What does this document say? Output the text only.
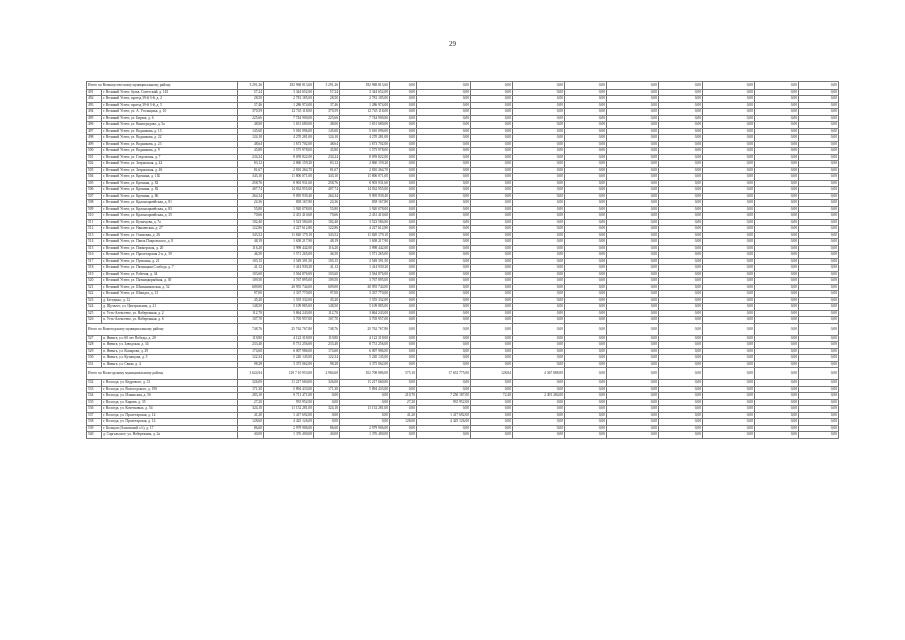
29
Итого по Великоустюгскому муниципальному району		3 291,26	182 968 813,60	3 291,26	182 968 813,60	0,00	0,00	0,00	0,00	0,00	0,00	0,00	0,00	0,00	0,00
491	г. Великий Устюг, бульв. Советский, д. 145	57,24	3 344 652,00	57,24	3 344 652,00	0,00	0,00	0,00	0,00	0,00	0,00	0,00	0,00	0,00	0,00
492	г. Великий Устюг, проезд 39-й 3-й, д. 2	28,50	2 781 185,00	28,50	2 781 185,00	0,00	0,00	0,00	0,00	0,00	0,00	0,00	0,00	0,00	0,00
493	г. Великий Устюг, проезд 39-й 3-й, д. 5	37,46	1 286 974,00	37,46	1 286 974,00	0,00	0,00	0,00	0,00	0,00	0,00	0,00	0,00	0,00	0,00
494	г. Великий Устюг, ул. А. Угольщика, д. 10	370,59	12 745 118,00	370,59	12 745 118,00	0,00	0,00	0,00	0,00	0,00	0,00	0,00	0,00	0,00	0,00
495	г. Великий Устюг, ул. Бирюк, д. 6	225,66	7 744 900,00	225,66	7 744 900,00	0,00	0,00	0,00	0,00	0,00	0,00	0,00	0,00	0,00	0,00
496	г. Великий Устюг, ул. Виноградова, д. 5а	48,00	1 651 680,00	48,00	1 651 680,00	0,00	0,00	0,00	0,00	0,00	0,00	0,00	0,00	0,00	0,00
497	г. Великий Устюг, ул. Водникова, д. 15	145,60	5 010 096,00	145,60	5 010 096,00	0,00	0,00	0,00	0,00	0,00	0,00	0,00	0,00	0,00	0,00
498	г. Великий Устюг, ул. Водникова, д. 22	124,10	4 270 281,00	124,10	4 270 281,00	0,00	0,00	0,00	0,00	0,00	0,00	0,00	0,00	0,00	0,00
499	г. Великий Устюг, ул. Водникова, д. 23	48,64	1 673 702,00	48,64	1 673 702,00	0,00	0,00	0,00	0,00	0,00	0,00	0,00	0,00	0,00	0,00
500	г. Великий Устюг, ул. Водникова, д. 9	45,80	1 575 978,00	45,80	1 575 978,00	0,00	0,00	0,00	0,00	0,00	0,00	0,00	0,00	0,00	0,00
501	г. Великий Устюг, ул. Гледенская, д. 7	234,24	8 059 822,00	234,24	8 059 822,00	0,00	0,00	0,00	0,00	0,00	0,00	0,00	0,00	0,00	0,00
502	г. Великий Устюг, ул. Затрамская, д. 42	83,12	2 860 159,20	83,12	2 860 159,20	0,00	0,00	0,00	0,00	0,00	0,00	0,00	0,00	0,00	0,00
503	г. Великий Устюг, ул. Затрамская, д. 46	81,67	2 810 264,70	81,67	2 810 264,70	0,00	0,00	0,00	0,00	0,00	0,00	0,00	0,00	0,00	0,00
504	г. Великий Устюг, ул. Кренина, д. 11Б	343,10	11 806 071,00	343,10	11 806 071,00	0,00	0,00	0,00	0,00	0,00	0,00	0,00	0,00	0,00	0,00
505	г. Великий Устюг, ул. Кренина, д. 82	258,76	8 903 931,60	258,76	8 903 931,60	0,00	0,00	0,00	0,00	0,00	0,00	0,00	0,00	0,00	0,00
506	г. Великий Устюг, ул. Кренина, д. 82	407,74	14 032 955,00	407,74	14 032 955,00	0,00	0,00	0,00	0,00	0,00	0,00	0,00	0,00	0,00	0,00
507	г. Великий Устюг, ул. Кренина, д. 86	264,34	9 095 939,40	264,34	9 095 939,40	0,00	0,00	0,00	0,00	0,00	0,00	0,00	0,00	0,00	0,00
508	г. Великий Устюг, ул. Красноармейская, д. 81	24,36	838 167,80	24,36	838 167,80	0,00	0,00	0,00	0,00	0,00	0,00	0,00	0,00	0,00	0,00
509	г. Великий Устюг, ул. Красноармейская, д. 83	55,80	1 920 078,00	55,80	1 920 078,00	0,00	0,00	0,00	0,00	0,00	0,00	0,00	0,00	0,00	0,00
510	г. Великий Устюг, ул. Красноармейская, д. 35	70,66	2 431 410,60	70,66	2 431 410,60	0,00	0,00	0,00	0,00	0,00	0,00	0,00	0,00	0,00	0,00
511	г. Великий Устюг, ул. Кузнецова, д. 7а	102,40	3 523 584,00	102,40	3 523 584,00	0,00	0,00	0,00	0,00	0,00	0,00	0,00	0,00	0,00	0,00
512	г. Великий Устюг, ул. Нанаевская, д. 27	122,86	4 227 612,80	122,86	4 227 612,80	0,00	0,00	0,00	0,00	0,00	0,00	0,00	0,00	0,00	0,00
513	г. Великий Устюг, ул. Осиновая, д. 26	343,52	11 820 179,10	343,52	11 820 179,10	0,00	0,00	0,00	0,00	0,00	0,00	0,00	0,00	0,00	0,00
514	г. Великий Устюг, ул. Павла Покровского, д. 8	48,19	1 658 217,90	48,19	1 658 217,90	0,00	0,00	0,00	0,00	0,00	0,00	0,00	0,00	0,00	0,00
515	г. Великий Устюг, ул. Пионерская, д. 20	116,20	3 998 442,00	116,20	3 998 442,00	0,00	0,00	0,00	0,00	0,00	0,00	0,00	0,00	0,00	0,00
516	г. Великий Устюг, ул. Пролетарская 2-я, д. 39	46,50	1 571 265,00	46,50	1 571 265,00	0,00	0,00	0,00	0,00	0,00	0,00	0,00	0,00	0,00	0,00
517	г. Великий Устюг, ул. Пушкина, д. 21	103,15	3 549 391,50	103,15	3 549 391,50	0,00	0,00	0,00	0,00	0,00	0,00	0,00	0,00	0,00	0,00
518	г. Великий Устюг, ул. Пятницкая Слобода, д. 7	41,12	1 414 939,20	41,12	1 414 939,20	0,00	0,00	0,00	0,00	0,00	0,00	0,00	0,00	0,00	0,00
519	г. Великий Устюг, ул. Рабочая, д. 34	103,60	3 564 876,00	103,60	3 564 876,00	0,00	0,00	0,00	0,00	0,00	0,00	0,00	0,00	0,00	0,00
520	г. Великий Устюг, ул. Пятницкорыбная, д. 30	109,50	3 767 895,00	109,50	3 767 895,00	0,00	0,00	0,00	0,00	0,00	0,00	0,00	0,00	0,00	0,00
521	г. Великий Устюг, ул. Шильниковская, д. 52	609,00	20 955 744,00	609,00	20 955 744,00	0,00	0,00	0,00	0,00	0,00	0,00	0,00	0,00	0,00	0,00
522	г. Великий Устюг, ул. Шмидта, д. 13	97,00	3 337 770,00	97,00	3 337 770,00	0,00	0,00	0,00	0,00	0,00	0,00	0,00	0,00	0,00	0,00
523	д. Беседино, д. 12	45,20	1 555 332,00	45,20	1 555 332,00	0,00	0,00	0,00	0,00	0,00	0,00	0,00	0,00	0,00	0,00
524	д. Щучьего, ул. Центральная, д. 21	148,50	5 109 885,00	148,50	5 109 885,00	0,00	0,00	0,00	0,00	0,00	0,00	0,00	0,00	0,00	0,00
525	п. Усть-Алексеево, ул. Набережная, д. 2	112,70	3 864 243,00	112,70	3 864 243,00	0,00	0,00	0,00	0,00	0,00	0,00	0,00	0,00	0,00	0,00
526	п. Усть-Алексеево, ул. Набережная, д. 6	107,70	3 705 957,00	107,70	3 705 957,00	0,00	0,00	0,00	0,00	0,00	0,00	0,00	0,00	0,00	0,00
Итого по Вожегодскому муниципальному району		748,76	25 762 767,80	748,76	25 762 767,80	0,00	0,00	0,00	0,00	0,00	0,00	0,00	0,00	0,00	0,00
527	п. Явенга, ул. 60 лет Победы, д. 20	119,80	4 122 318,00	119,80	4 122 318,00	0,00	0,00	0,00	0,00	0,00	0,00	0,00	0,00	0,00	0,00
528	п. Явенга, ул. Заводская, д. 34	233,40	8 731 256,00	233,40	8 731 256,00	0,00	0,00	0,00	0,00	0,00	0,00	0,00	0,00	0,00	0,00
529	п. Явенга, ул. Комарова, д. 29	174,60	6 007 986,00	174,60	6 007 986,00	0,00	0,00	0,00	0,00	0,00	0,00	0,00	0,00	0,00	0,00
530	п. Явенга, ул. Кузнецова, д. 5	122,34	5 220 145,00	122,34	5 220 145,00	0,00	0,00	0,00	0,00	0,00	0,00	0,00	0,00	0,00	0,00
531	п. Явенга, ул. Связи, д. 4	98,28	3 375 062,00	98,28	3 375 062,00	0,00	0,00	0,00	0,00	0,00	0,00	0,00	0,00	0,00	0,00
Итого по Вологодскому муниципальному району		3 624,94	129 7 10 953,00	2 984,60	102 708 886,00	575,10	17 633 775,00	128,84	4 367 888,00	0,00	0,00	0,00	0,00	0,00	0,00
532	г. Вологда, ул. Кедрового, д. 31	326,00	11 217 660,00	326,00	11 217 660,00	0,00	0,00	0,00	0,00	0,00	0,00	0,00	0,00	0,00	0,00
533	г. Вологда, ул. Вологодского, д. 190	171,30	5 894 433,00	171,30	5 894 433,00	0,00	0,00	0,00	0,00	0,00	0,00	0,00	0,00	0,00	0,00
534	г. Вологда, ул. Ильинская, д. 56	283,10	9 711 471,00	0,00	0,00	210,70	7 250 187,00	72,40	2 491 284,00	0,00	0,00	0,00	0,00	0,00	0,00
535	г. Вологда, ул. Кирова, д. 35	27,20	935 952,00	0,00	0,00	27,20	935 952,00	0,00	0,00	0,00	0,00	0,00	0,00	0,00	0,00
536	г. Вологда, ул. Кочетковых, д. 54	324,10	11 152 281,00	324,10	11 152 281,00	0,00	0,00	0,00	0,00	0,00	0,00	0,00	0,00	0,00	0,00
537	г. Вологда, ул. Пролетарская, д. 14	41,20	1 417 692,00	0,00	0,00	41,20	1 417 692,00	0,00	0,00	0,00	0,00	0,00	0,00	0,00	0,00
538	г. Вологда, ул. Пролетарская, д. 14	128,60	4 425 126,00	0,00	0,00	128,60	4 425 126,00	0,00	0,00	0,00	0,00	0,00	0,00	0,00	0,00
539	г. Кольцов (Ахменский с/с), д. 17	86,60	2 979 906,00	86,60	2 979 906,00	0,00	0,00	0,00	0,00	0,00	0,00	0,00	0,00	0,00	0,00
540	д. Саргальское, ул. Набережная, д. 2а	40,00	1 376 400,00	40,00	1 376 400,00	0,00	0,00	0,00	0,00	0,00	0,00	0,00	0,00	0,00	0,00
